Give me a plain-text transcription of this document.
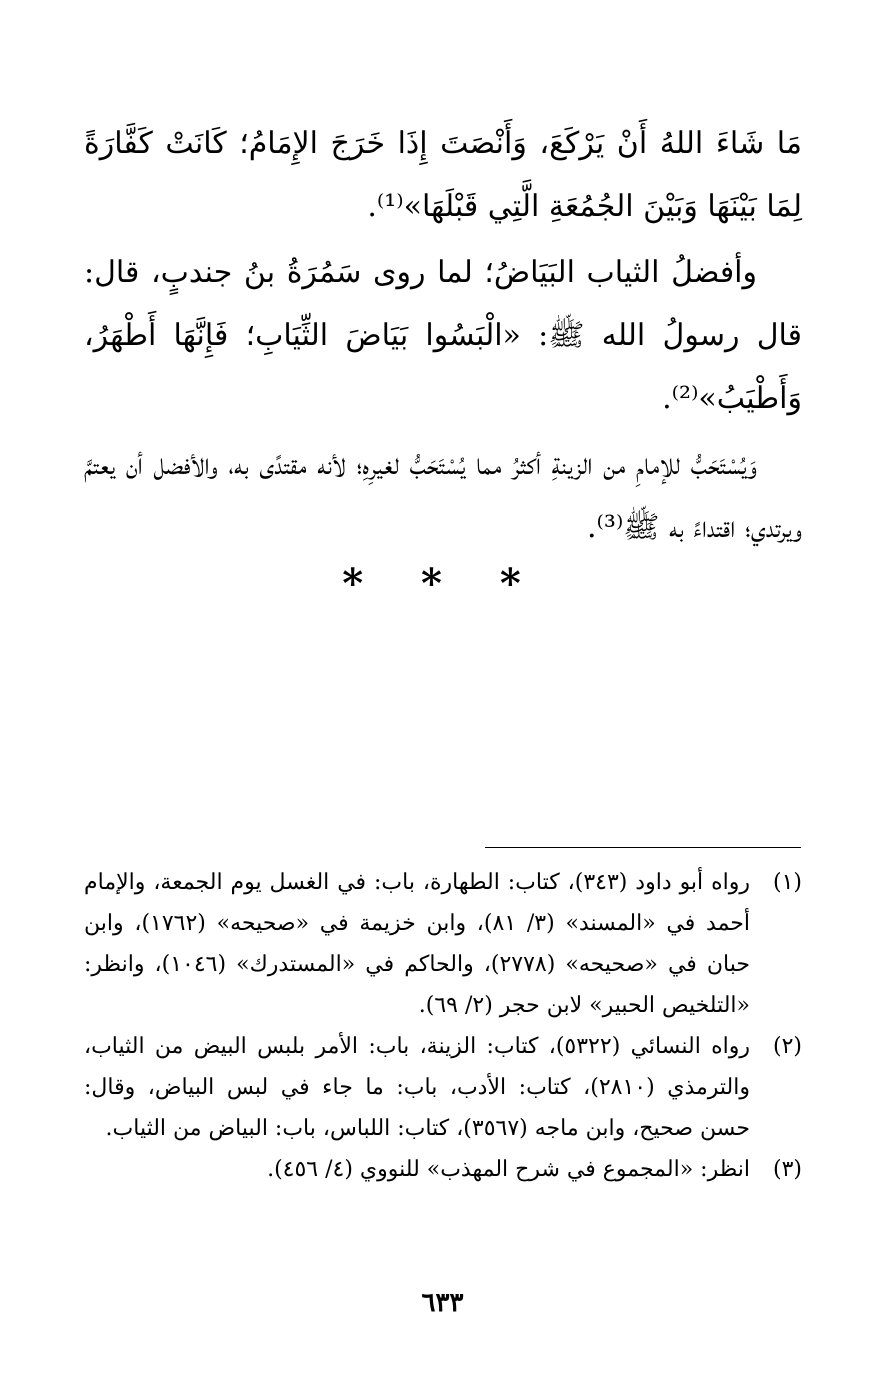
مَا شَاءَ اللهُ أَنْ يَرْكَعَ، وَأَنْصَتَ إِذَا خَرَجَ الإِمَامُ؛ كَانَتْ كَفَّارَةً لِمَا بَيْنَهَا وَبَيْنَ الجُمُعَةِ الَّتِي قَبْلَهَا»⁽¹⁾.

وأفضلُ الثياب البَيَاضُ؛ لما روى سَمُرَةُ بنُ جندبٍ، قال: قال رسولُ الله ﷺ: «الْبَسُوا بَيَاضَ الثِّيَابِ؛ فَإِنَّهَا أَطْهَرُ، وَأَطْيَبُ»⁽²⁾.

وَيُسْتَحَبُّ للإمامِ من الزينةِ أكثرُ مما يُسْتَحَبُّ لغيرِهِ؛ لأنه مقتدًى به، والأفضل أن يعتمَّ ويرتدي؛ اقتداءً به ﷺ⁽³⁾.

* * *
(١)
رواه أبو داود (٣٤٣)، كتاب: الطهارة، باب: في الغسل يوم الجمعة، والإمام أحمد في «المسند» (٣/ ٨١)، وابن خزيمة في «صحيحه» (١٧٦٢)، وابن حبان في «صحيحه» (٢٧٧٨)، والحاكم في «المستدرك» (١٠٤٦)، وانظر: «التلخيص الحبير» لابن حجر (٢/ ٦٩).
(٢)
رواه النسائي (٥٣٢٢)، كتاب: الزينة، باب: الأمر بلبس البيض من الثياب، والترمذي (٢٨١٠)، كتاب: الأدب، باب: ما جاء في لبس البياض، وقال: حسن صحيح، وابن ماجه (٣٥٦٧)، كتاب: اللباس، باب: البياض من الثياب.
(٣)
انظر: «المجموع في شرح المهذب» للنووي (٤/ ٤٥٦).
٦٣٣
